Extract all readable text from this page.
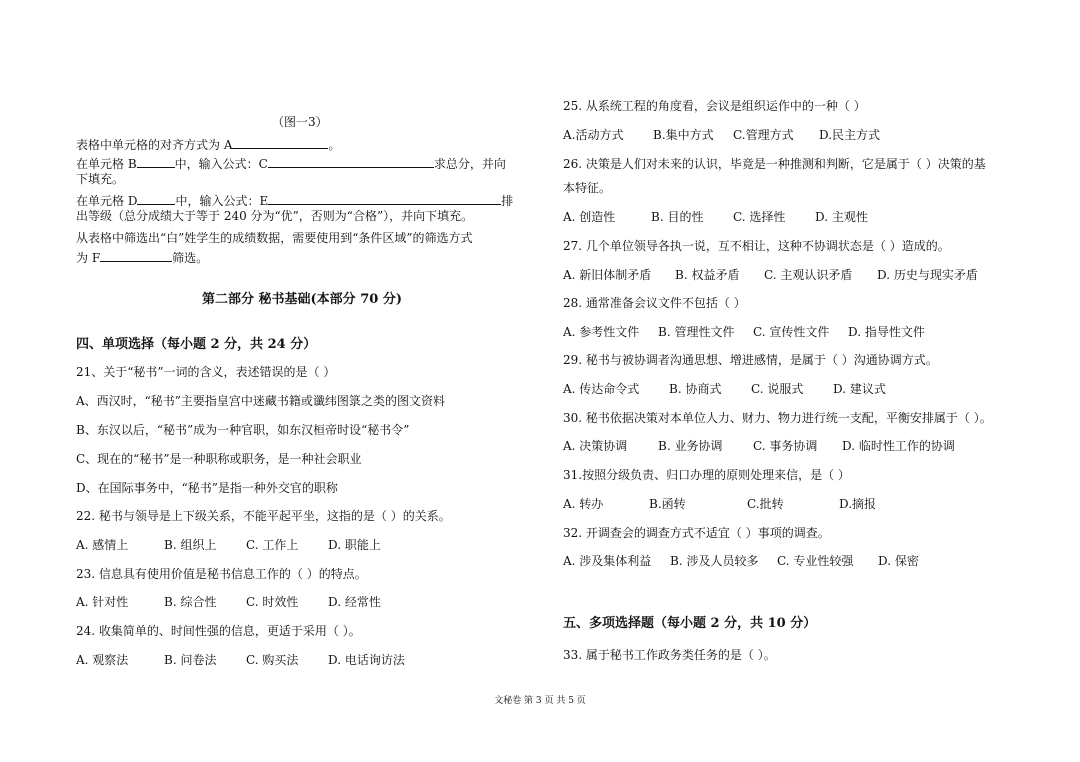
（图一3）
表格中单元格的对齐方式为 A	。
在单元格 B	中，输入公式：C	求总分，并向
下填充。
在单元格 D	中，输入公式：E	排
出等级（总分成绩大于等于 240 分为“优”，否则为“合格”），并向下填充。
从表格中筛选出“白”姓学生的成绩数据，需要使用到“条件区域”的筛选方式
为 F	筛选。
第二部分 秘书基础(本部分 70 分)
四、单项选择（每小题 2 分，共 24 分）
21、关于“秘书”一词的含义，表述错误的是（ ）
A、西汉时，“秘书”主要指皇宫中迷藏书籍或谶纬图箓之类的图文资料
B、东汉以后，“秘书”成为一种官职，如东汉桓帝时设“秘书令”
C、现在的“秘书”是一种职称或职务，是一种社会职业
D、在国际事务中，“秘书”是指一种外交官的职称
22. 秘书与领导是上下级关系，不能平起平坐，这指的是（ ）的关系。
A. 感情上	B. 组织上 C. 工作上 D. 职能上
23. 信息具有使用价值是秘书信息工作的（ ）的特点。
A. 针对性	B. 综合性 C. 时效性 D. 经常性
24. 收集简单的、时间性强的信息，更适于采用（ ）。
A. 观察法	B. 问卷法 C. 购买法 D. 电话询访法
25. 从系统工程的角度看，会议是组织运作中的一种（ ）
A.活动方式 B.集中方式 C.管理方式 D.民主方式
26. 决策是人们对未来的认识，毕竟是一种推测和判断，它是属于（ ）决策的基
本特征。
A. 创造性	B. 目的性 C. 选择性 D. 主观性
27. 几个单位领导各执一说，互不相让，这种不协调状态是（ ）造成的。
A. 新旧体制矛盾 B. 权益矛盾 C. 主观认识矛盾 D. 历史与现实矛盾
28. 通常准备会议文件不包括（ ）
A. 参考性文件 B. 管理性文件 C. 宣传性文件 D. 指导性文件
29. 秘书与被协调者沟通思想、增进感情，是属于（ ）沟通协调方式。
A. 传达命令式 B. 协商式 C. 说服式 D. 建议式
30. 秘书依据决策对本单位人力、财力、物力进行统一支配，平衡安排属于（ ）。
A. 决策协调	B. 业务协调	C. 事务协调 D. 临时性工作的协调
31.按照分级负责、归口办理的原则处理来信，是（ ）
A. 转办	B.函转	C.批转	D.摘报
32. 开调查会的调查方式不适宜（ ）事项的调查。
A. 涉及集体利益 B. 涉及人员较多 C. 专业性较强 D. 保密
五、多项选择题（每小题 2 分，共 10 分）
33. 属于秘书工作政务类任务的是（ ）。
文秘卷 第 3 页 共 5 页
